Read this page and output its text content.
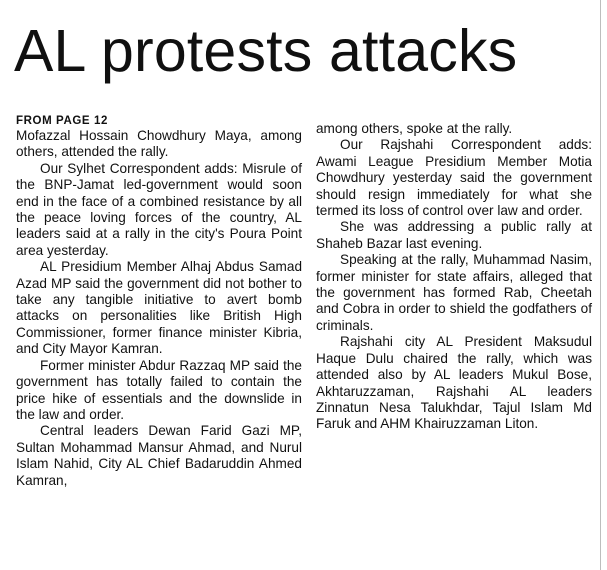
AL protests attacks
FROM PAGE 12

Mofazzal Hossain Chowdhury Maya, among others, attended the rally.

Our Sylhet Correspondent adds: Misrule of the BNP-Jamat led-government would soon end in the face of a combined resistance by all the peace loving forces of the country, AL leaders said at a rally in the city's Poura Point area yesterday.

AL Presidium Member Alhaj Abdus Samad Azad MP said the government did not bother to take any tangible initiative to avert bomb attacks on personalities like British High Commissioner, former finance minister Kibria, and City Mayor Kamran.

Former minister Abdur Razzaq MP said the government has totally failed to contain the price hike of essentials and the downslide in the law and order.

Central leaders Dewan Farid Gazi MP, Sultan Mohammad Mansur Ahmad, and Nurul Islam Nahid, City AL Chief Badaruddin Ahmed Kamran,

among others, spoke at the rally.

Our Rajshahi Correspondent adds: Awami League Presidium Member Motia Chowdhury yesterday said the government should resign immediately for what she termed its loss of control over law and order.

She was addressing a public rally at Shaheb Bazar last evening.

Speaking at the rally, Muhammad Nasim, former minister for state affairs, alleged that the government has formed Rab, Cheetah and Cobra in order to shield the godfathers of criminals.

Rajshahi city AL President Maksudul Haque Dulu chaired the rally, which was attended also by AL leaders Mukul Bose, Akhtaruzzaman, Rajshahi AL leaders Zinnatun Nesa Talukhdar, Tajul Islam Md Faruk and AHM Khairuzzaman Liton.
